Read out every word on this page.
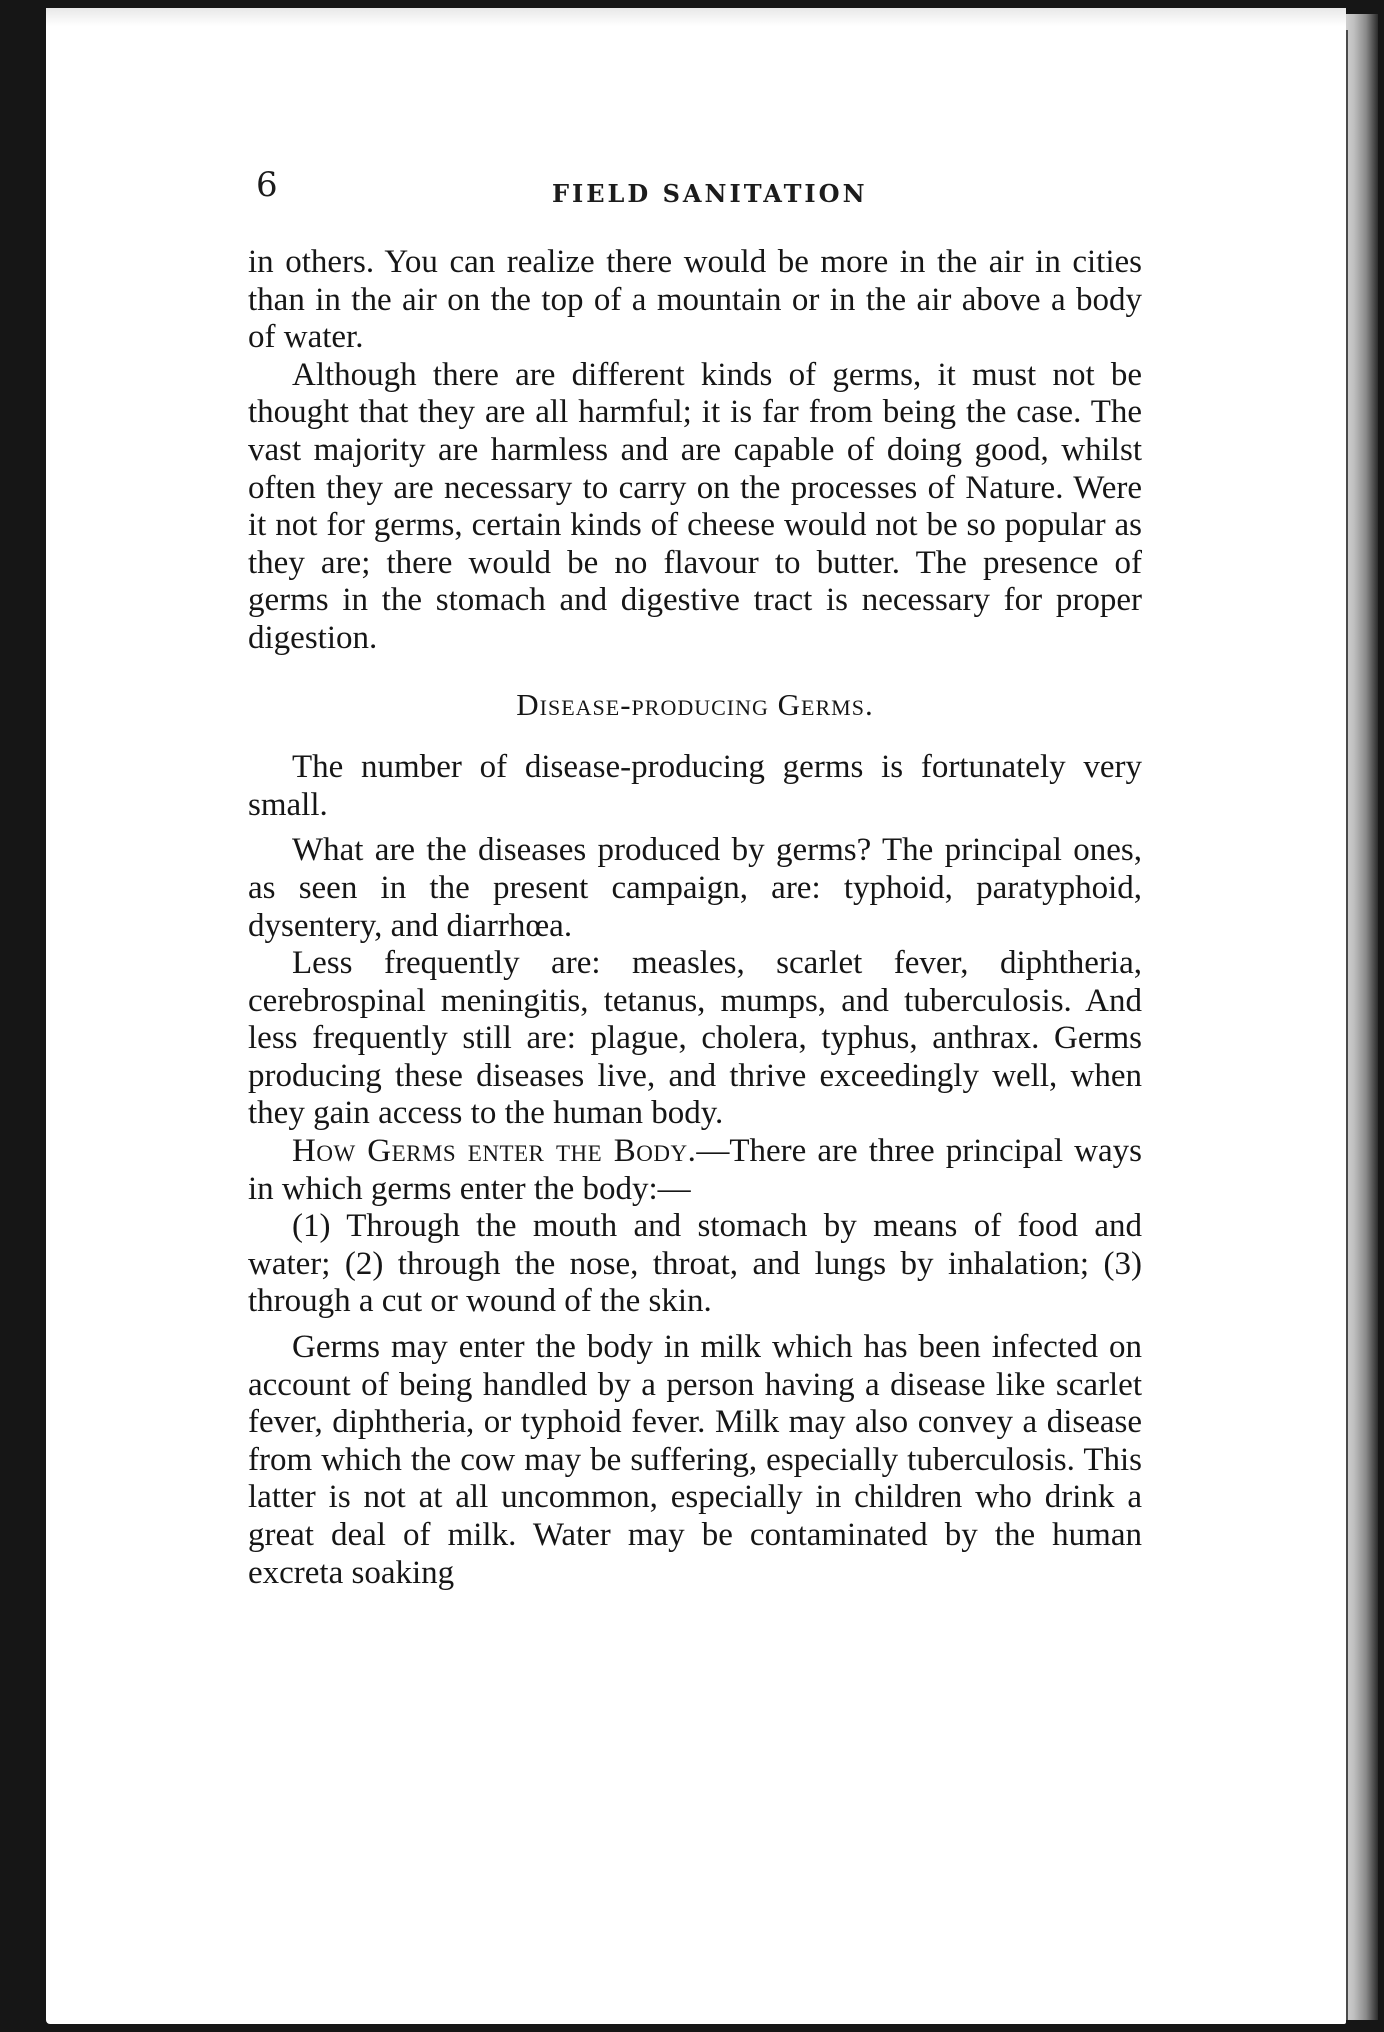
6	FIELD SANITATION

in others. You can realize there would be more in the air in cities than in the air on the top of a mountain or in the air above a body of water.

Although there are different kinds of germs, it must not be thought that they are all harmful; it is far from being the case. The vast majority are harmless and are capable of doing good, whilst often they are necessary to carry on the processes of Nature. Were it not for germs, certain kinds of cheese would not be so popular as they are; there would be no flavour to butter. The presence of germs in the stomach and digestive tract is necessary for proper digestion.

Disease-producing Germs.

The number of disease-producing germs is fortunately very small.

What are the diseases produced by germs? The principal ones, as seen in the present campaign, are: typhoid, paratyphoid, dysentery, and diarrhœa.

Less frequently are: measles, scarlet fever, diphtheria, cerebrospinal meningitis, tetanus, mumps, and tuberculosis. And less frequently still are: plague, cholera, typhus, anthrax. Germs producing these diseases live, and thrive exceedingly well, when they gain access to the human body.

How Germs enter the Body.—There are three principal ways in which germs enter the body:—

(1) Through the mouth and stomach by means of food and water; (2) through the nose, throat, and lungs by inhalation; (3) through a cut or wound of the skin.

Germs may enter the body in milk which has been infected on account of being handled by a person having a disease like scarlet fever, diphtheria, or typhoid fever. Milk may also convey a disease from which the cow may be suffering, especially tuberculosis. This latter is not at all uncommon, especially in children who drink a great deal of milk. Water may be contaminated by the human excreta soaking
